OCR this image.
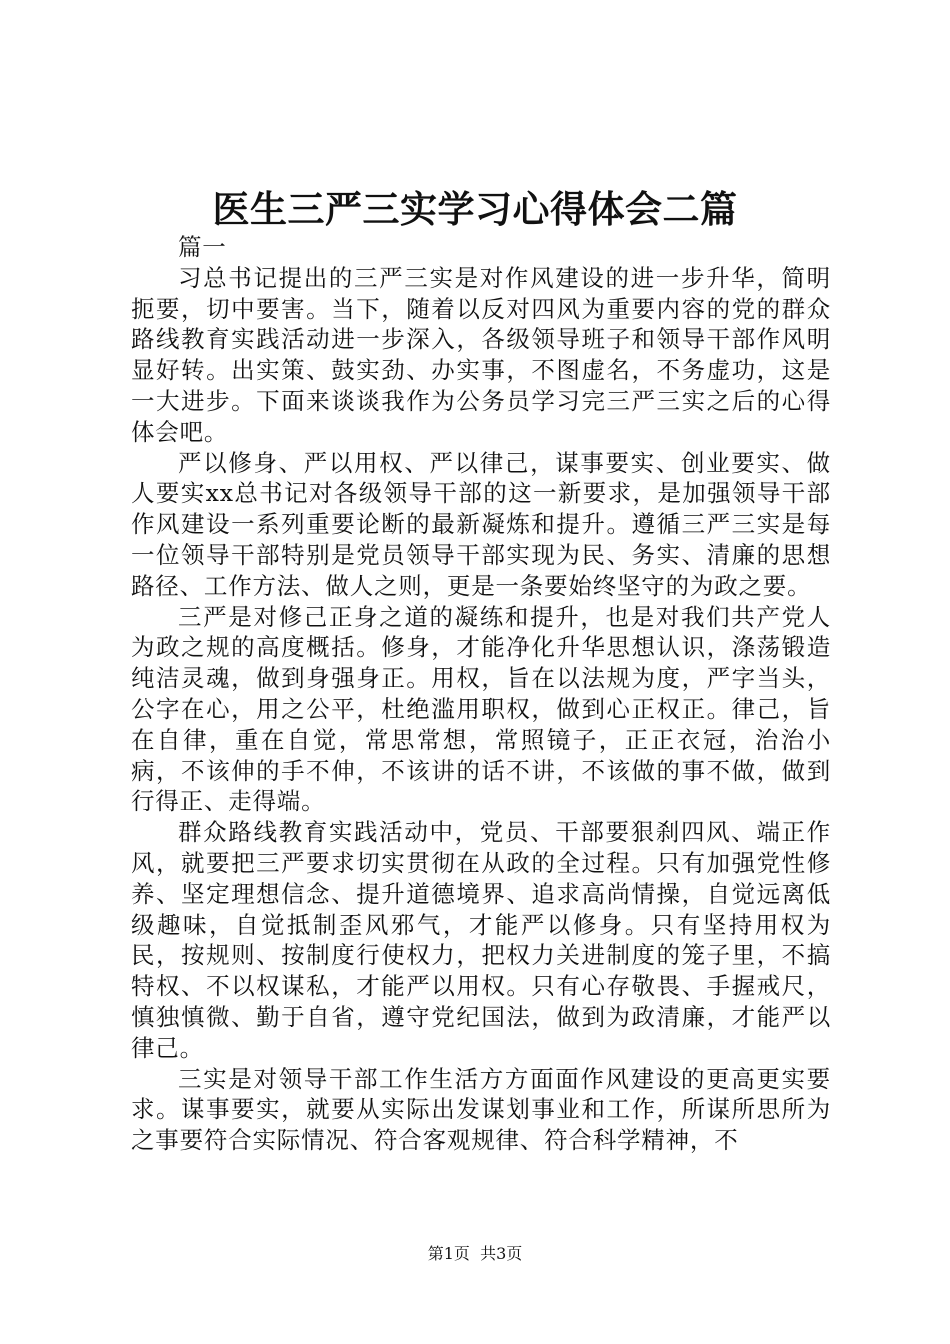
医生三严三实学习心得体会二篇

篇一

习总书记提出的三严三实是对作风建设的进一步升华，简明扼要，切中要害。当下，随着以反对四风为重要内容的党的群众路线教育实践活动进一步深入，各级领导班子和领导干部作风明显好转。出实策、鼓实劲、办实事，不图虚名，不务虚功，这是一大进步。下面来谈谈我作为公务员学习完三严三实之后的心得体会吧。

严以修身、严以用权、严以律己，谋事要实、创业要实、做人要实xx总书记对各级领导干部的这一新要求，是加强领导干部作风建设一系列重要论断的最新凝炼和提升。遵循三严三实是每一位领导干部特别是党员领导干部实现为民、务实、清廉的思想路径、工作方法、做人之则，更是一条要始终坚守的为政之要。

三严是对修己正身之道的凝练和提升，也是对我们共产党人为政之规的高度概括。修身，才能净化升华思想认识，涤荡锻造纯洁灵魂，做到身强身正。用权，旨在以法规为度，严字当头，公字在心，用之公平，杜绝滥用职权，做到心正权正。律己，旨在自律，重在自觉，常思常想，常照镜子，正正衣冠，治治小病，不该伸的手不伸，不该讲的话不讲，不该做的事不做，做到行得正、走得端。

群众路线教育实践活动中，党员、干部要狠刹四风、端正作风，就要把三严要求切实贯彻在从政的全过程。只有加强党性修养、坚定理想信念、提升道德境界、追求高尚情操，自觉远离低级趣味，自觉抵制歪风邪气，才能严以修身。只有坚持用权为民，按规则、按制度行使权力，把权力关进制度的笼子里，不搞特权、不以权谋私，才能严以用权。只有心存敬畏、手握戒尺，慎独慎微、勤于自省，遵守党纪国法，做到为政清廉，才能严以律己。

三实是对领导干部工作生活方方面面作风建设的更高更实要求。谋事要实，就要从实际出发谋划事业和工作，所谋所思所为之事要符合实际情况、符合客观规律、符合科学精神，不

第1页  共3页
